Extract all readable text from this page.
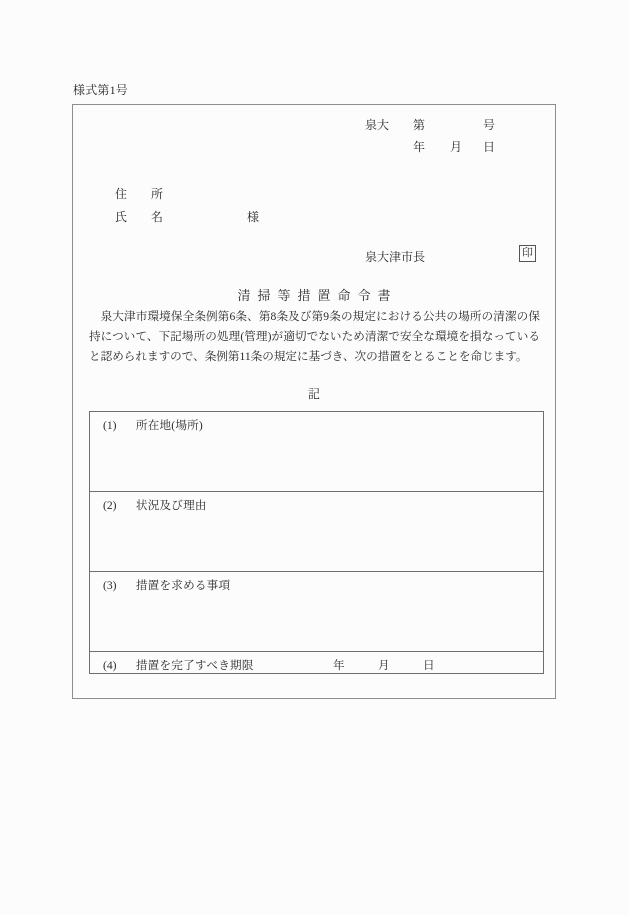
様式第1号
泉大 第	号
年 月 日
住　所
氏　名	様
泉大津市長	印
清掃等措置命令書

泉大津市環境保全条例第6条、第8条及び第9条の規定における公共の場所の清潔の保持について、下記場所の処理(管理)が適切でないため清潔で安全な環境を損なっていると認められますので、条例第11条の規定に基づき、次の措置をとることを命じます。

記
(1) 所在地(場所)

(2) 状況及び理由

(3) 措置を求める事項

(4) 措置を完了すべき期限	年	月	日
